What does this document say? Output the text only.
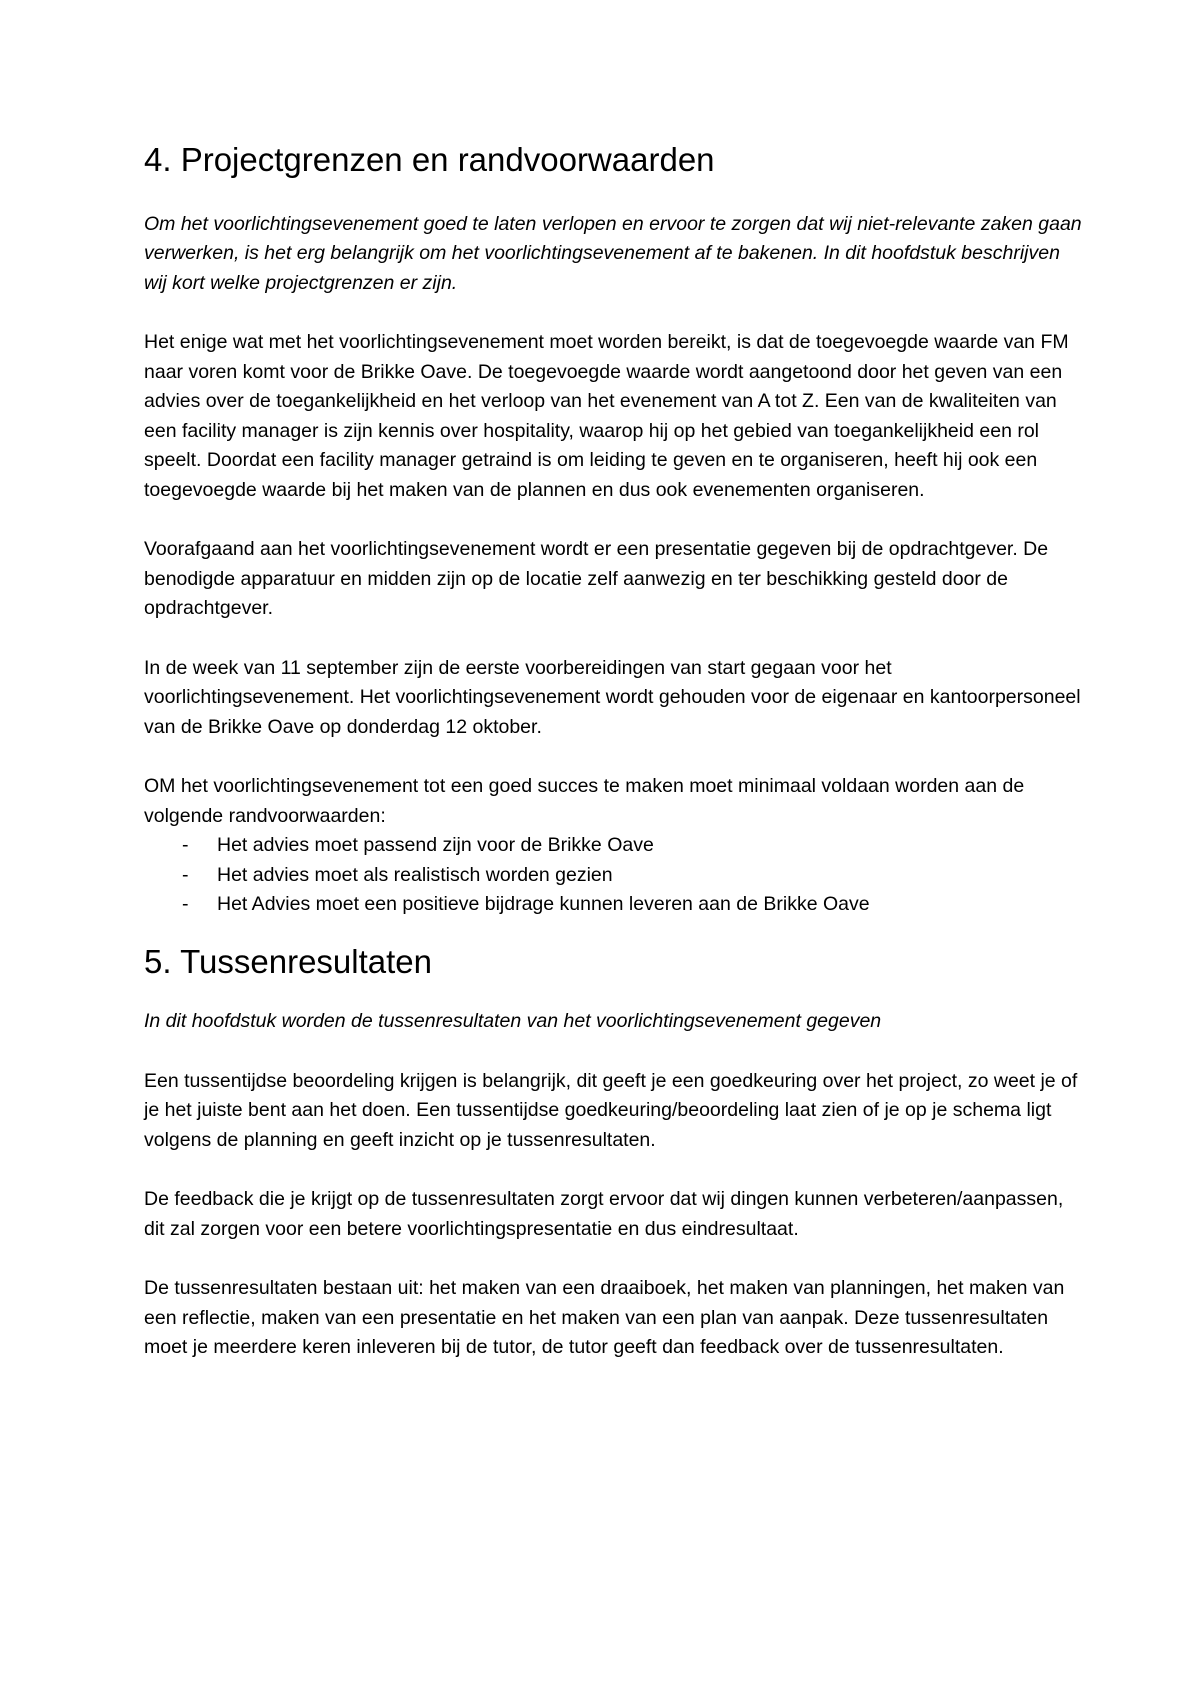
4. Projectgrenzen en randvoorwaarden

Om het voorlichtingsevenement goed te laten verlopen en ervoor te zorgen dat wij niet-relevante zaken gaan verwerken, is het erg belangrijk om het voorlichtingsevenement af te bakenen. In dit hoofdstuk beschrijven wij kort welke projectgrenzen er zijn.

Het enige wat met het voorlichtingsevenement moet worden bereikt, is dat de toegevoegde waarde van FM naar voren komt voor de Brikke Oave. De toegevoegde waarde wordt aangetoond door het geven van een advies over de toegankelijkheid en het verloop van het evenement van A tot Z. Een van de kwaliteiten van een facility manager is zijn kennis over hospitality, waarop hij op het gebied van toegankelijkheid een rol speelt. Doordat een facility manager getraind is om leiding te geven en te organiseren, heeft hij ook een toegevoegde waarde bij het maken van de plannen en dus ook evenementen organiseren.

Voorafgaand aan het voorlichtingsevenement wordt er een presentatie gegeven bij de opdrachtgever. De benodigde apparatuur en midden zijn op de locatie zelf aanwezig en ter beschikking gesteld door de opdrachtgever.

In de week van 11 september zijn de eerste voorbereidingen van start gegaan voor het voorlichtingsevenement. Het voorlichtingsevenement wordt gehouden voor de eigenaar en kantoorpersoneel van de Brikke Oave op donderdag 12 oktober.

OM het voorlichtingsevenement tot een goed succes te maken moet minimaal voldaan worden aan de volgende randvoorwaarden:

- Het advies moet passend zijn voor de Brikke Oave
- Het advies moet als realistisch worden gezien
- Het Advies moet een positieve bijdrage kunnen leveren aan de Brikke Oave
5. Tussenresultaten

In dit hoofdstuk worden de tussenresultaten van het voorlichtingsevenement gegeven

Een tussentijdse beoordeling krijgen is belangrijk, dit geeft je een goedkeuring over het project, zo weet je of je het juiste bent aan het doen. Een tussentijdse goedkeuring/beoordeling laat zien of je op je schema ligt volgens de planning en geeft inzicht op je tussenresultaten.

De feedback die je krijgt op de tussenresultaten zorgt ervoor dat wij dingen kunnen verbeteren/aanpassen, dit zal zorgen voor een betere voorlichtingspresentatie en dus eindresultaat.

De tussenresultaten bestaan uit: het maken van een draaiboek, het maken van planningen, het maken van een reflectie, maken van een presentatie en het maken van een plan van aanpak. Deze tussenresultaten moet je meerdere keren inleveren bij de tutor, de tutor geeft dan feedback over de tussenresultaten.
